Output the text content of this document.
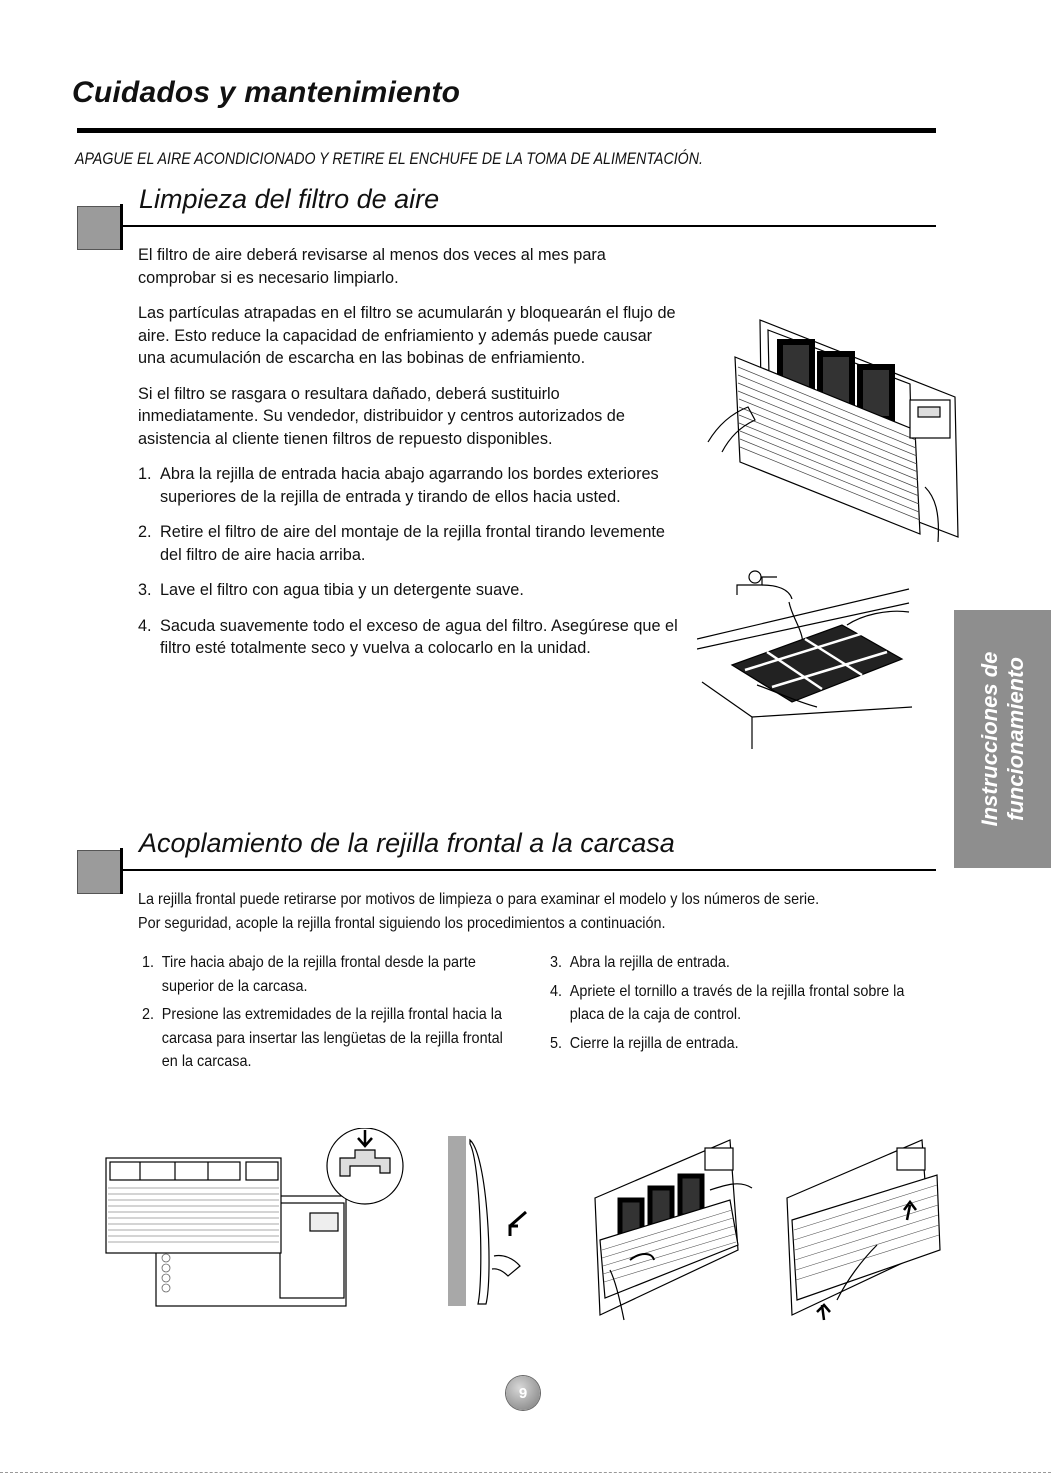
Cuidados y mantenimiento
APAGUE EL AIRE ACONDICIONADO Y RETIRE EL ENCHUFE DE LA TOMA DE ALIMENTACIÓN.
Limpieza del filtro de aire

El filtro de aire deberá revisarse al menos dos veces al mes para comprobar si es necesario limpiarlo.

Las partículas atrapadas en el filtro se acumularán y bloquearán el flujo de aire. Esto reduce la capacidad de enfriamiento y además puede causar una acumulación de escarcha en las bobinas de enfriamiento.

Si el filtro se rasgara o resultara dañado, deberá sustituirlo inmediatamente. Su vendedor, distribuidor y centros autorizados de asistencia al cliente tienen filtros de repuesto disponibles.

1. Abra la rejilla de entrada hacia abajo agarrando los bordes exteriores superiores de la rejilla de entrada y tirando de ellos hacia usted.
2. Retire el filtro de aire del montaje de la rejilla frontal tirando levemente del filtro de aire hacia arriba.
3. Lave el filtro con agua tibia y un detergente suave.
4. Sacuda suavemente todo el exceso de agua del filtro. Asegúrese que el filtro esté totalmente seco y vuelva a colocarlo en la unidad.
Instrucciones de funcionamiento
Acoplamiento de la rejilla frontal a la carcasa
La rejilla frontal puede retirarse por motivos de limpieza o para examinar el modelo y los números de serie.
Por seguridad, acople la rejilla frontal siguiendo los procedimientos a continuación.
1. Tire hacia abajo de la rejilla frontal desde la parte superior de la carcasa.
2. Presione las extremidades de la rejilla frontal hacia la carcasa para insertar las lengüetas de la rejilla frontal en la carcasa.
3. Abra la rejilla de entrada.
4. Apriete el tornillo a través de la rejilla frontal sobre la placa de la caja de control.
5. Cierre la rejilla de entrada.
9
